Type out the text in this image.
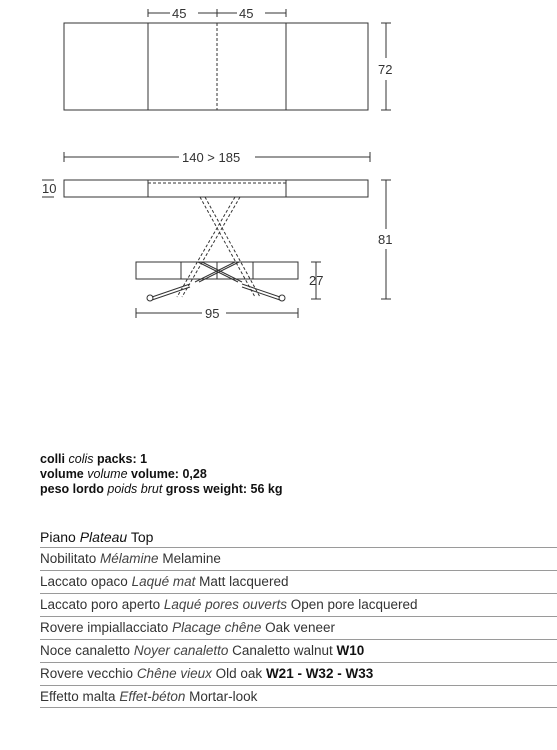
45	45
72
140 > 185
10
81
27
95
colli colis packs: 1
volume volume volume: 0,28
peso lordo poids brut gross weight: 56 kg
Piano Plateau Top
Nobilitato Mélamine Melamine
Laccato opaco Laqué mat Matt lacquered
Laccato poro aperto Laqué pores ouverts Open pore lacquered
Rovere impiallacciato Placage chêne Oak veneer
Noce canaletto Noyer canaletto Canaletto walnut W10
Rovere vecchio Chêne vieux Old oak W21 - W32 - W33
Effetto malta Effet-béton Mortar-look
